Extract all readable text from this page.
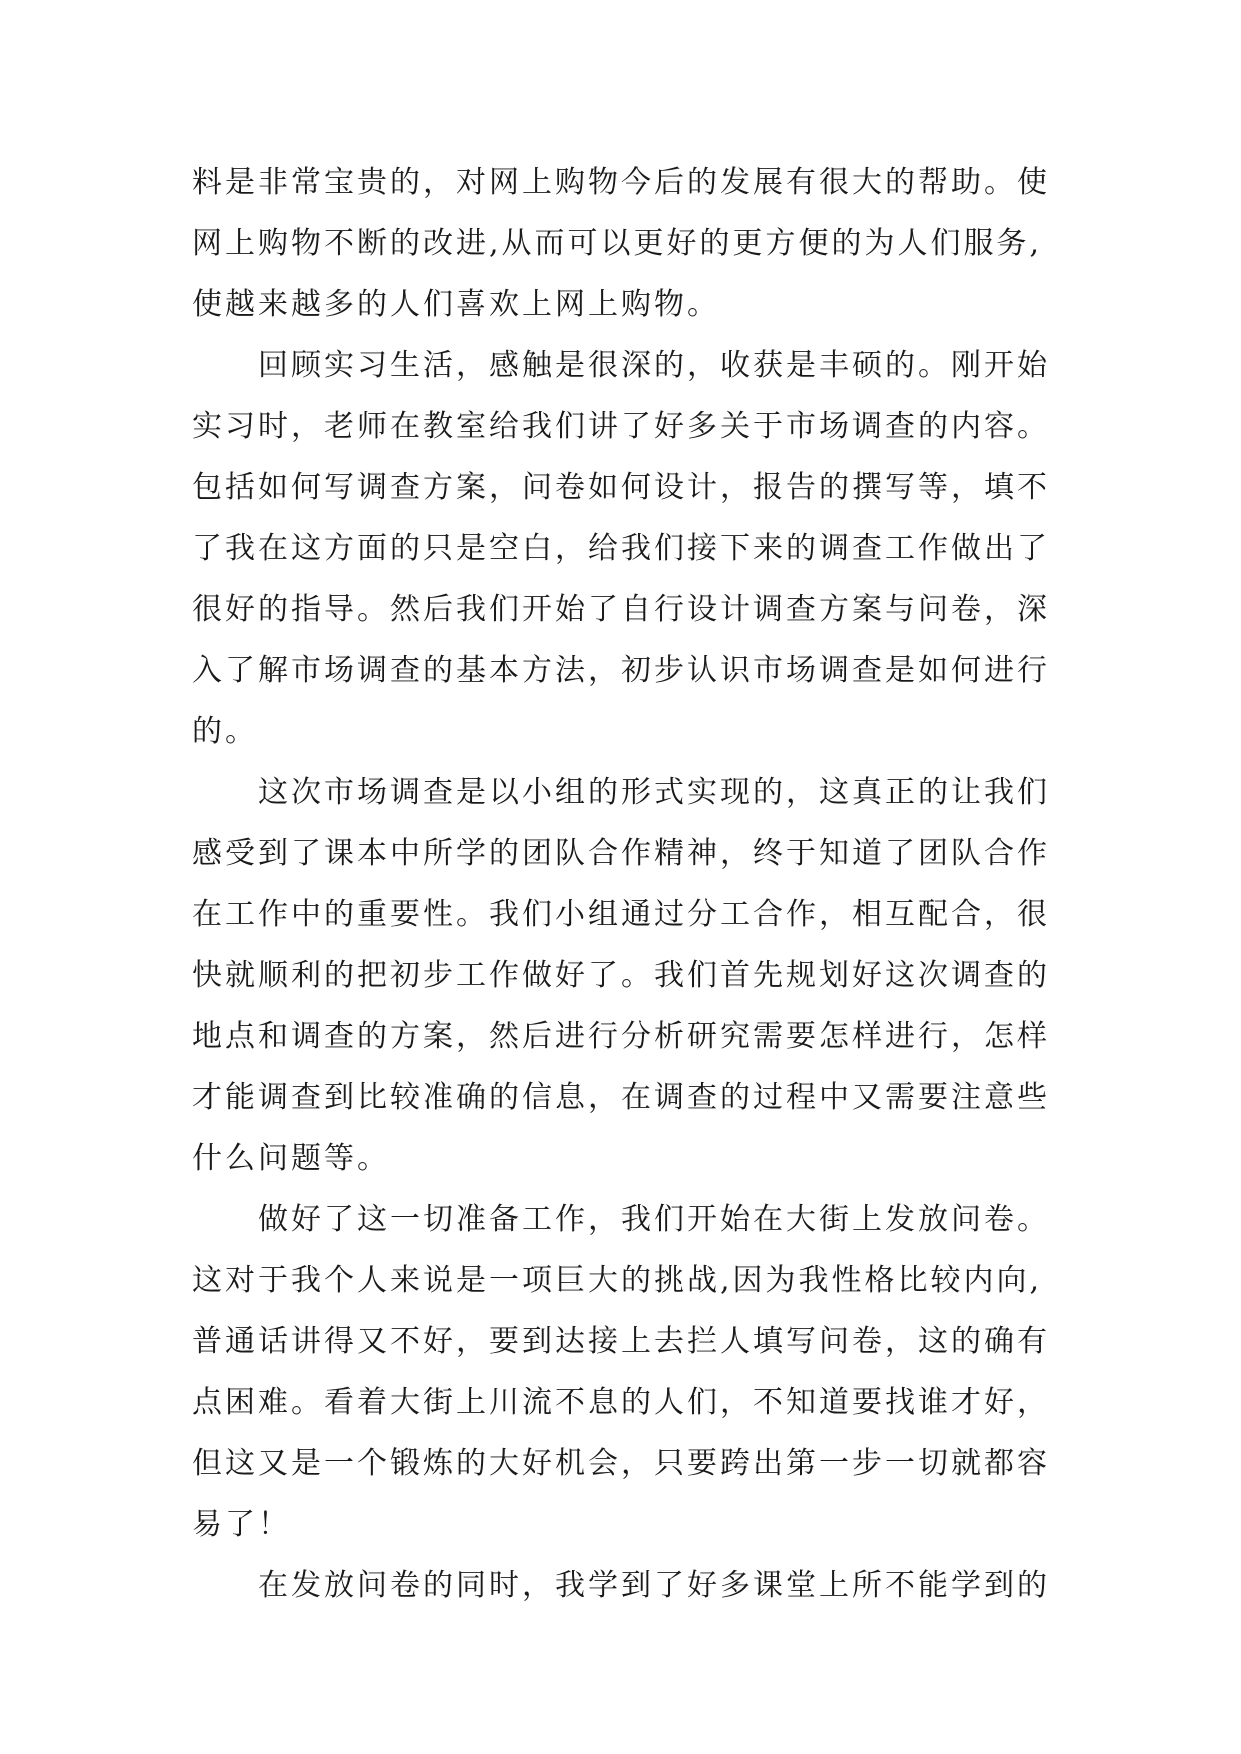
料是非常宝贵的，对网上购物今后的发展有很大的帮助。使
网上购物不断的改进,从而可以更好的更方便的为人们服务,
使越来越多的人们喜欢上网上购物。
回顾实习生活，感触是很深的，收获是丰硕的。刚开始
实习时，老师在教室给我们讲了好多关于市场调查的内容。
包括如何写调查方案，问卷如何设计，报告的撰写等，填不
了我在这方面的只是空白，给我们接下来的调查工作做出了
很好的指导。然后我们开始了自行设计调查方案与问卷，深
入了解市场调查的基本方法，初步认识市场调查是如何进行
的。
这次市场调查是以小组的形式实现的，这真正的让我们
感受到了课本中所学的团队合作精神，终于知道了团队合作
在工作中的重要性。我们小组通过分工合作，相互配合，很
快就顺利的把初步工作做好了。我们首先规划好这次调查的
地点和调查的方案，然后进行分析研究需要怎样进行，怎样
才能调查到比较准确的信息，在调查的过程中又需要注意些
什么问题等。
做好了这一切准备工作，我们开始在大街上发放问卷。
这对于我个人来说是一项巨大的挑战,因为我性格比较内向,
普通话讲得又不好，要到达接上去拦人填写问卷，这的确有
点困难。看着大街上川流不息的人们，不知道要找谁才好，
但这又是一个锻炼的大好机会，只要跨出第一步一切就都容
易了！
在发放问卷的同时，我学到了好多课堂上所不能学到的
